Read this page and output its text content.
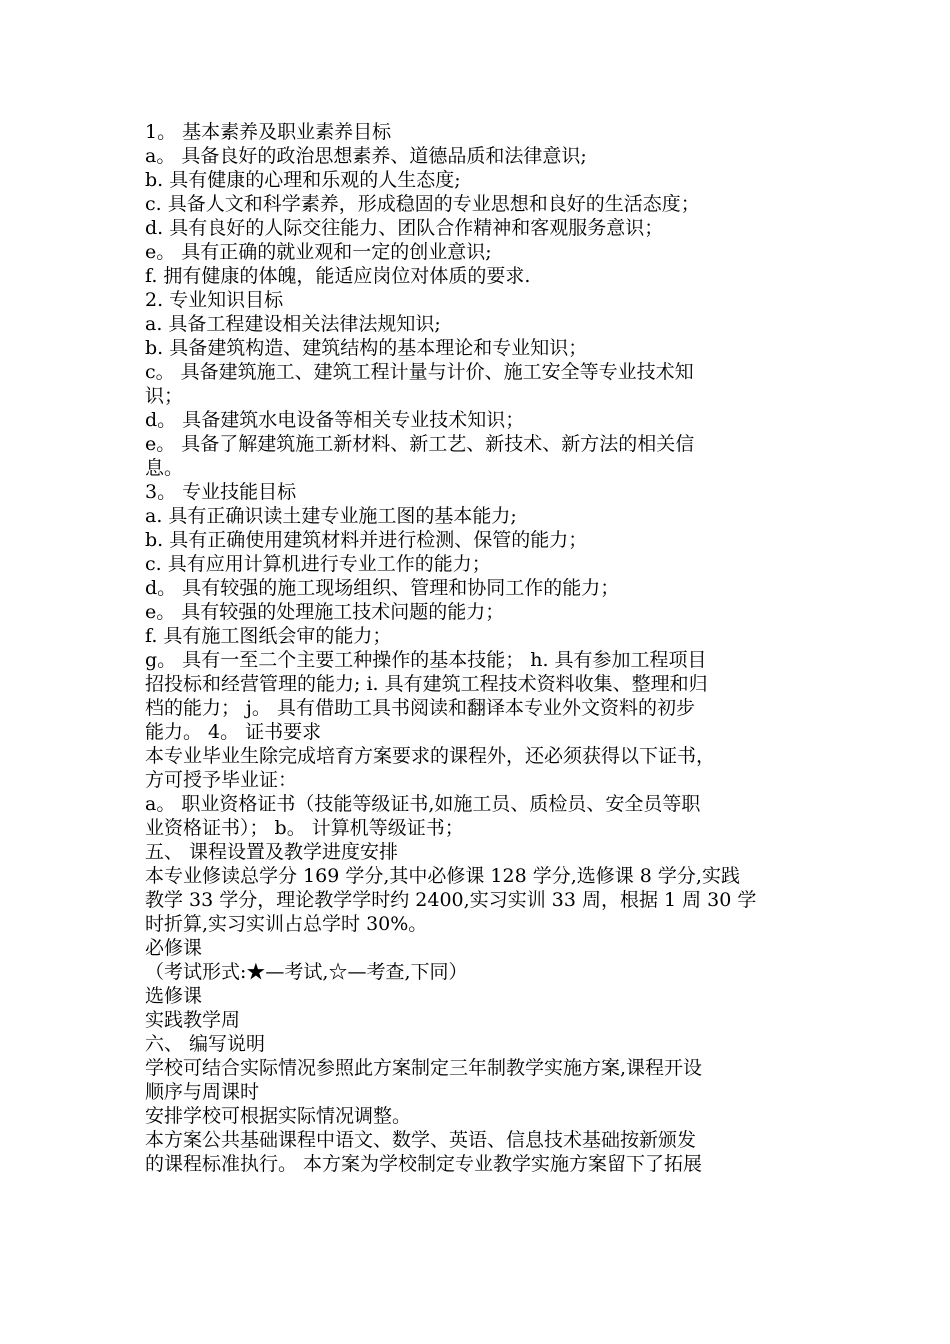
1。 基本素养及职业素养目标
a。 具备良好的政治思想素养、道德品质和法律意识;
b. 具有健康的心理和乐观的人生态度;
c. 具备人文和科学素养，形成稳固的专业思想和良好的生活态度；
d. 具有良好的人际交往能力、团队合作精神和客观服务意识；
e。 具有正确的就业观和一定的创业意识;
f. 拥有健康的体魄，能适应岗位对体质的要求.
2. 专业知识目标
a. 具备工程建设相关法律法规知识;
b. 具备建筑构造、建筑结构的基本理论和专业知识；
c。 具备建筑施工、建筑工程计量与计价、施工安全等专业技术知
识；
d。 具备建筑水电设备等相关专业技术知识；
e。 具备了解建筑施工新材料、新工艺、新技术、新方法的相关信
息。
3。 专业技能目标
a. 具有正确识读土建专业施工图的基本能力;
b. 具有正确使用建筑材料并进行检测、保管的能力；
c. 具有应用计算机进行专业工作的能力；
d。 具有较强的施工现场组织、管理和协同工作的能力；
e。 具有较强的处理施工技术问题的能力；
f. 具有施工图纸会审的能力；
g。 具有一至二个主要工种操作的基本技能； h. 具有参加工程项目
招投标和经营管理的能力; i. 具有建筑工程技术资料收集、整理和归
档的能力； j。 具有借助工具书阅读和翻译本专业外文资料的初步
能力。 4。 证书要求
本专业毕业生除完成培育方案要求的课程外，还必须获得以下证书，
方可授予毕业证：
a。 职业资格证书（技能等级证书,如施工员、质检员、安全员等职
业资格证书）； b。 计算机等级证书；
五、 课程设置及教学进度安排
本专业修读总学分 169 学分,其中必修课 128 学分,选修课 8 学分,实践
教学 33 学分，理论教学学时约 2400,实习实训 33 周，根据 1 周 30 学
时折算,实习实训占总学时 30%。
必修课
（考试形式:★—考试,☆—考查,下同）
选修课
实践教学周
六、 编写说明
学校可结合实际情况参照此方案制定三年制教学实施方案,课程开设
顺序与周课时
安排学校可根据实际情况调整。
本方案公共基础课程中语文、数学、英语、信息技术基础按新颁发
的课程标准执行。 本方案为学校制定专业教学实施方案留下了拓展
